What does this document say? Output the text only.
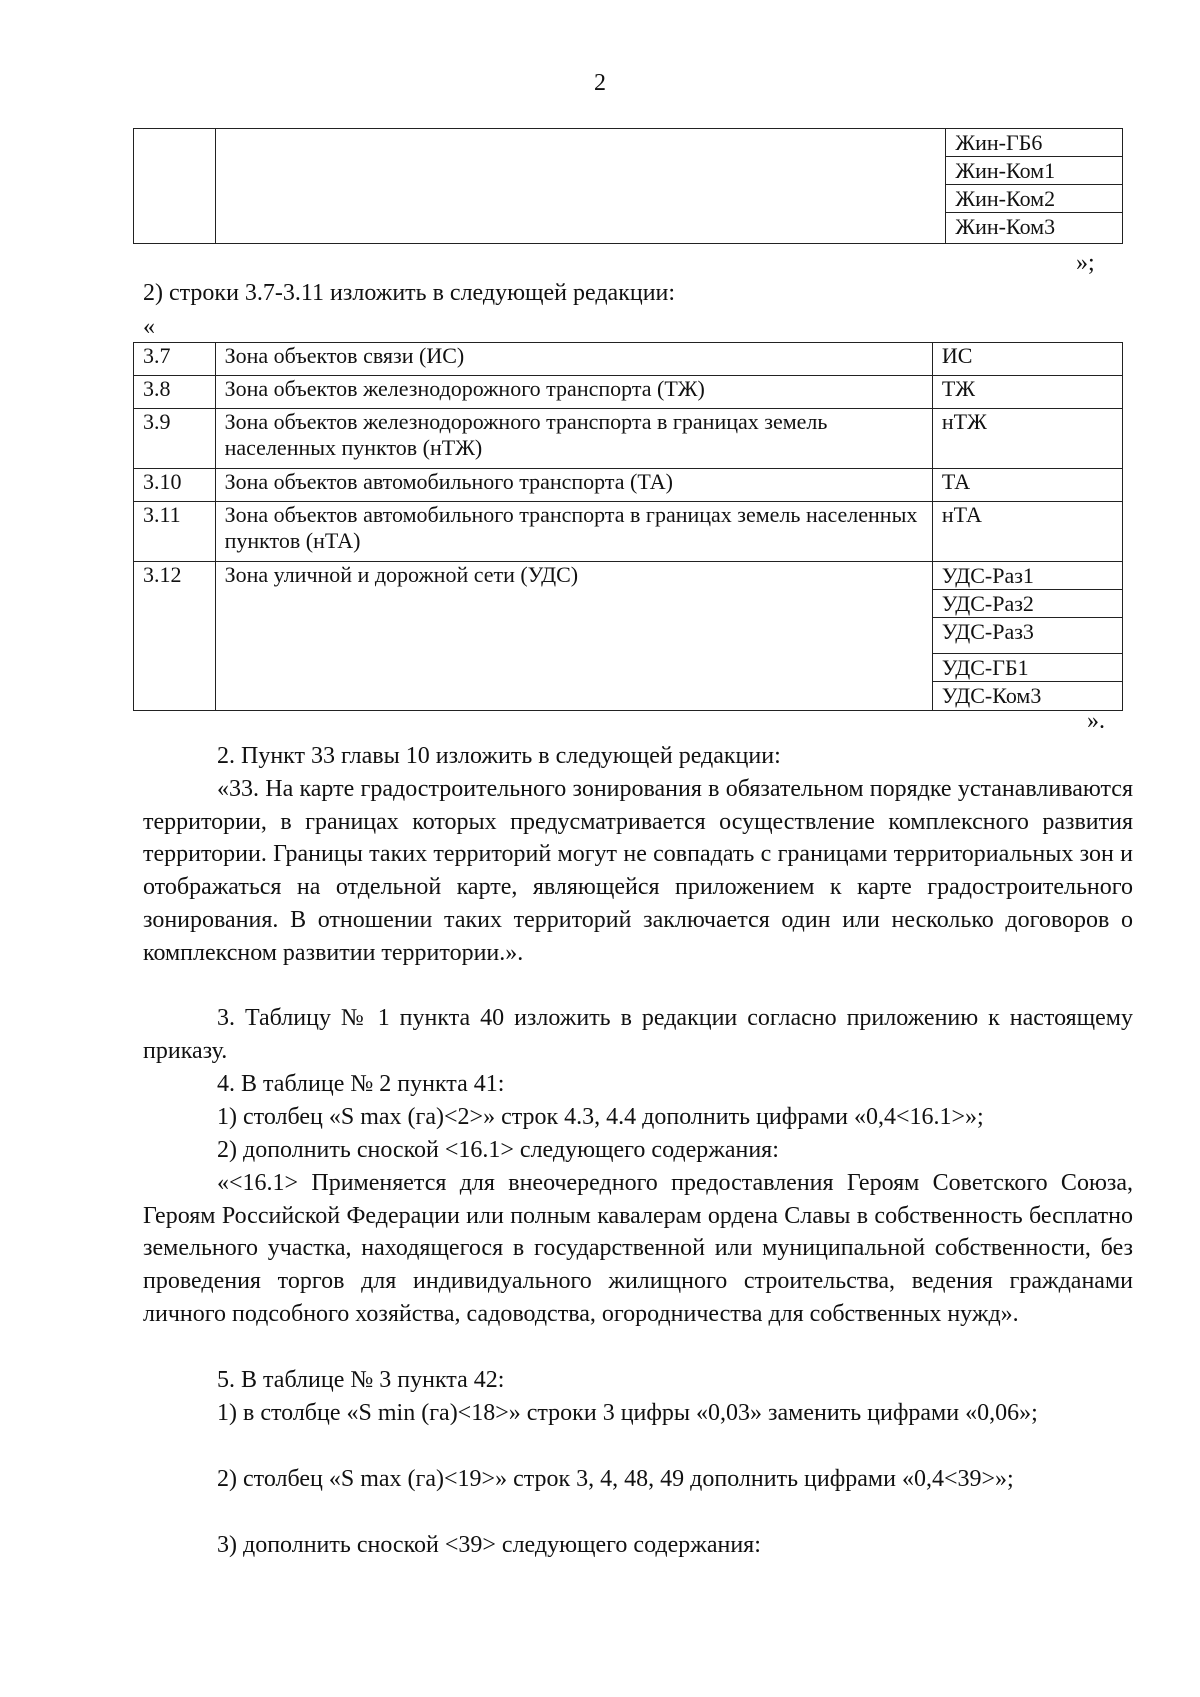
2

Жин-ГБ6
Жин-Ком1
Жин-Ком2
Жин-Ком3
»;
2) строки 3.7-3.11 изложить в следующей редакции:
«
3.7	Зона объектов связи (ИС)	ИС
3.8	Зона объектов железнодорожного транспорта (ТЖ)	ТЖ
3.9	Зона объектов железнодорожного транспорта в границах земель населенных пунктов (нТЖ)	нТЖ
3.10	Зона объектов автомобильного транспорта (ТА)	ТА
3.11	Зона объектов автомобильного транспорта в границах земель населенных пунктов (нТА)	нТА
3.12	Зона уличной и дорожной сети (УДС)	УДС-Раз1
УДС-Раз2
УДС-Раз3
УДС-ГБ1
УДС-Ком3
».

2. Пункт 33 главы 10 изложить в следующей редакции:

«33. На карте градостроительного зонирования в обязательном порядке устанавливаются территории, в границах которых предусматривается осуществление комплексного развития территории. Границы таких территорий могут не совпадать с границами территориальных зон и отображаться на отдельной карте, являющейся приложением к карте градостроительного зонирования. В отношении таких территорий заключается один или несколько договоров о комплексном развитии территории.».

3. Таблицу № 1 пункта 40 изложить в редакции согласно приложению к настоящему приказу.

4. В таблице № 2 пункта 41:

1) столбец «S max (га)<2>» строк 4.3, 4.4 дополнить цифрами «0,4<16.1>»;

2) дополнить сноской <16.1> следующего содержания:

«<16.1> Применяется для внеочередного предоставления Героям Советского Союза, Героям Российской Федерации или полным кавалерам ордена Славы в собственность бесплатно земельного участка, находящегося в государственной или муниципальной собственности, без проведения торгов для индивидуального жилищного строительства, ведения гражданами личного подсобного хозяйства, садоводства, огородничества для собственных нужд».

5. В таблице № 3 пункта 42:

1) в столбце «S min (га)<18>» строки 3 цифры «0,03» заменить цифрами «0,06»;

2) столбец «S max (га)<19>» строк 3, 4, 48, 49 дополнить цифрами «0,4<39>»;

3) дополнить сноской <39> следующего содержания:
